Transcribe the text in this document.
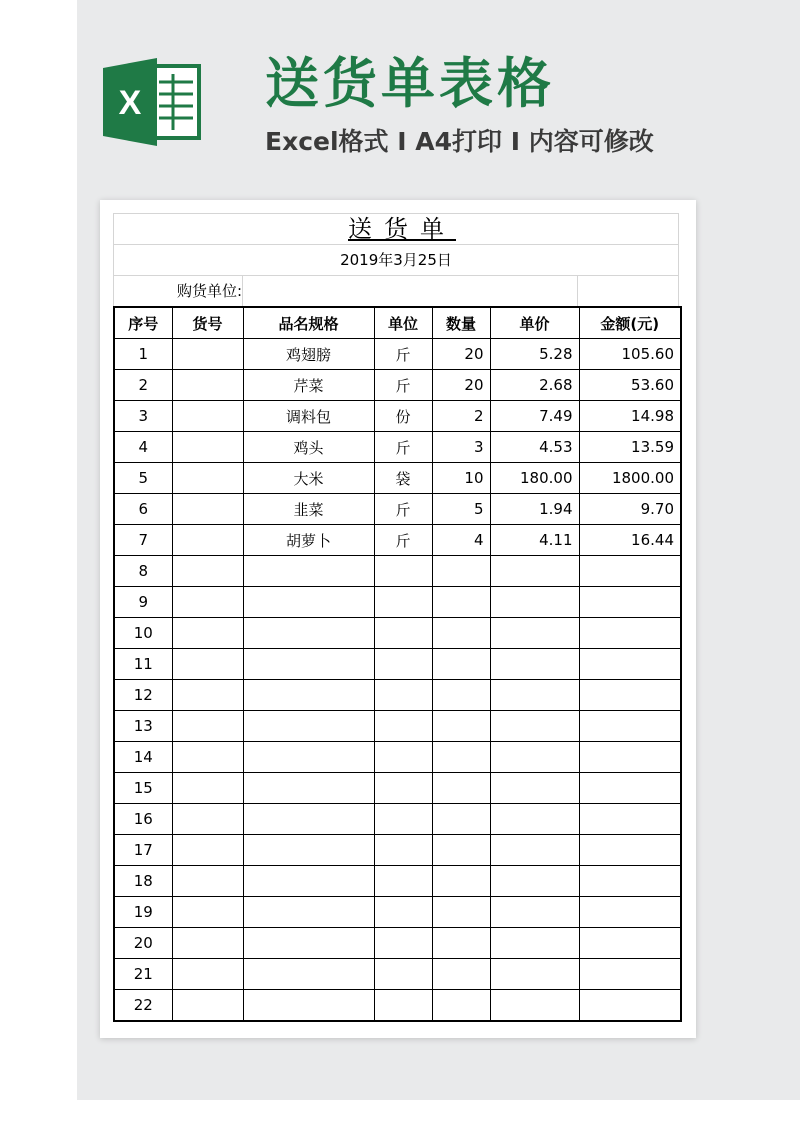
X 送货单表格
Excel格式 I A4打印 I 内容可修改
送货单
2019年3月25日
购货单位:
序号	货号	品名规格	单位	数量	单价	金额(元)
1		鸡翅膀	斤	20	5.28	105.60
2		芹菜	斤	20	2.68	53.60
3		调料包	份	2	7.49	14.98
4		鸡头	斤	3	4.53	13.59
5		大米	袋	10	180.00	1800.00
6		韭菜	斤	5	1.94	9.70
7		胡萝卜	斤	4	4.11	16.44
8						
9						
10						
11						
12						
13						
14						
15						
16						
17						
18						
19						
20						
21						
22						
